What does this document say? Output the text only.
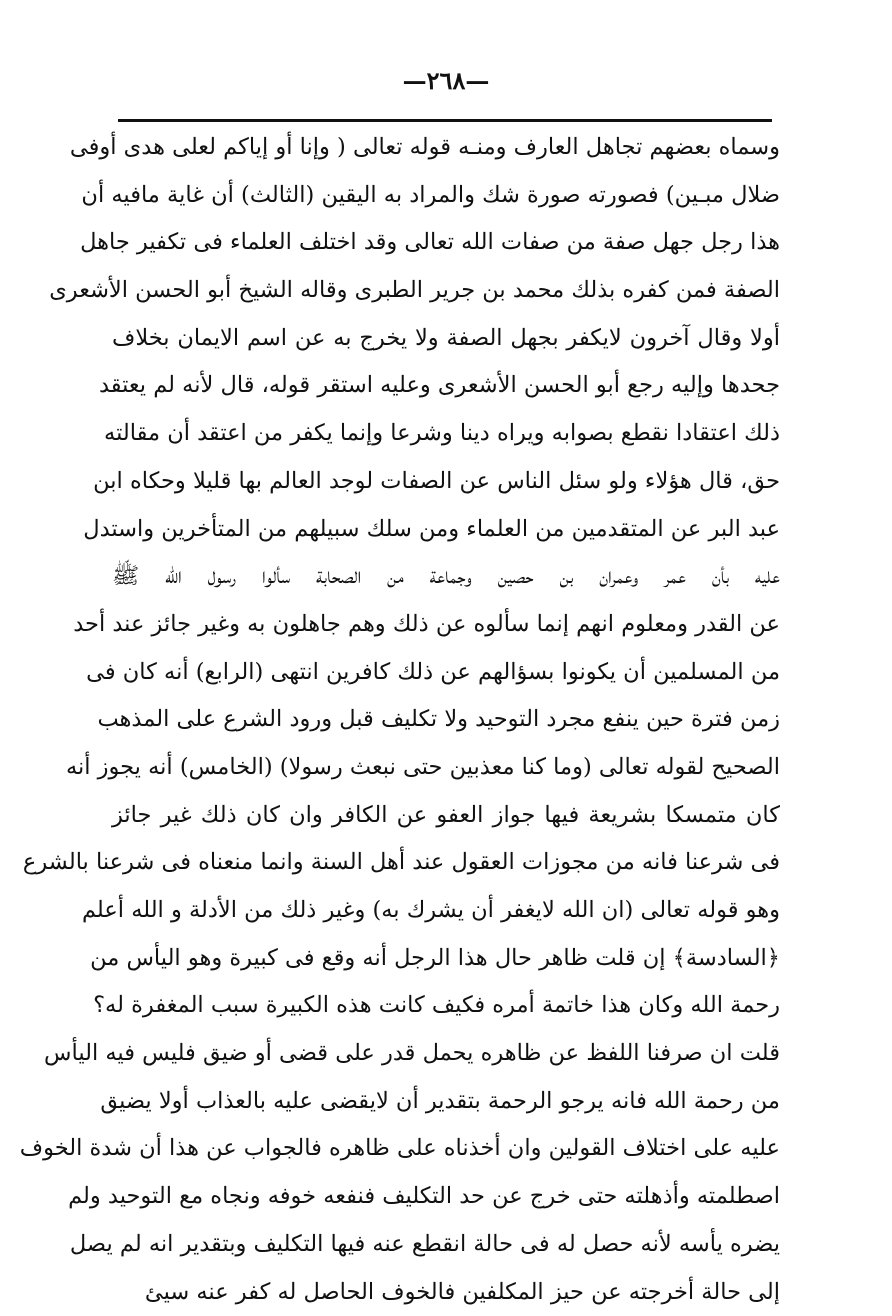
—٢٦٨—
وسماه بعضهم تجاهل العارف ومنـه قوله تعالى ( وإنا أو إياكم لعلى هدى أوفى
ضلال مبـين) فصورته صورة شك والمراد به اليقين (الثالث) أن غاية مافيه أن
هذا رجل جهل صفة من صفات الله تعالى وقد اختلف العلماء فى تكفير جاهل
الصفة فمن كفره بذلك محمد بن جرير الطبرى وقاله الشيخ أبو الحسن الأشعرى
أولا وقال آخرون لايكفر بجهل الصفة ولا يخرج به عن اسم الايمان بخلاف
جحدها وإليه رجع أبو الحسن الأشعرى وعليه استقر قوله، قال لأنه لم يعتقد
ذلك اعتقادا نقطع بصوابه ويراه دينا وشرعا وإنما يكفر من اعتقد أن مقالته
حق، قال هؤلاء ولو سئل الناس عن الصفات لوجد العالم بها قليلا وحكاه ابن
عبد البر عن المتقدمين من العلماء ومن سلك سبيلهم من المتأخرين واستدل
عليه بأن عمر وعمران بن حصين وجماعة من الصحابة سألوا رسول الله ﷺ
عن القدر ومعلوم انهم إنما سألوه عن ذلك وهم جاهلون به وغير جائز عند أحد
من المسلمين أن يكونوا بسؤالهم عن ذلك كافرين انتهى (الرابع) أنه كان فى
زمن فترة حين ينفع مجرد التوحيد ولا تكليف قبل ورود الشرع على المذهب
الصحيح لقوله تعالى (وما كنا معذبين حتى نبعث رسولا) (الخامس) أنه يجوز أنه
كان متمسكا بشريعة فيها جواز العفو عن الكافر وان كان ذلك غير جائز
فى شرعنا فانه من مجوزات العقول عند أهل السنة وانما منعناه فى شرعنا بالشرع
وهو قوله تعالى (ان الله لايغفر أن يشرك به) وغير ذلك من الأدلة و الله أعلم
﴿السادسة﴾ إن قلت ظاهر حال هذا الرجل أنه وقع فى كبيرة وهو اليأس من
رحمة الله وكان هذا خاتمة أمره فكيف كانت هذه الكبيرة سبب المغفرة له؟
قلت ان صرفنا اللفظ عن ظاهره يحمل قدر على قضى أو ضيق فليس فيه اليأس
من رحمة الله فانه يرجو الرحمة بتقدير أن لايقضى عليه بالعذاب أولا يضيق
عليه على اختلاف القولين وان أخذناه على ظاهره فالجواب عن هذا أن شدة الخوف
اصطلمته وأذهلته حتى خرج عن حد التكليف فنفعه خوفه ونجاه مع التوحيد ولم
يضره يأسه لأنه حصل له فى حالة انقطع عنه فيها التكليف وبتقدير انه لم يصل
إلى حالة أخرجته عن حيز المكلفين فالخوف الحاصل له كفر عنه سيئ
